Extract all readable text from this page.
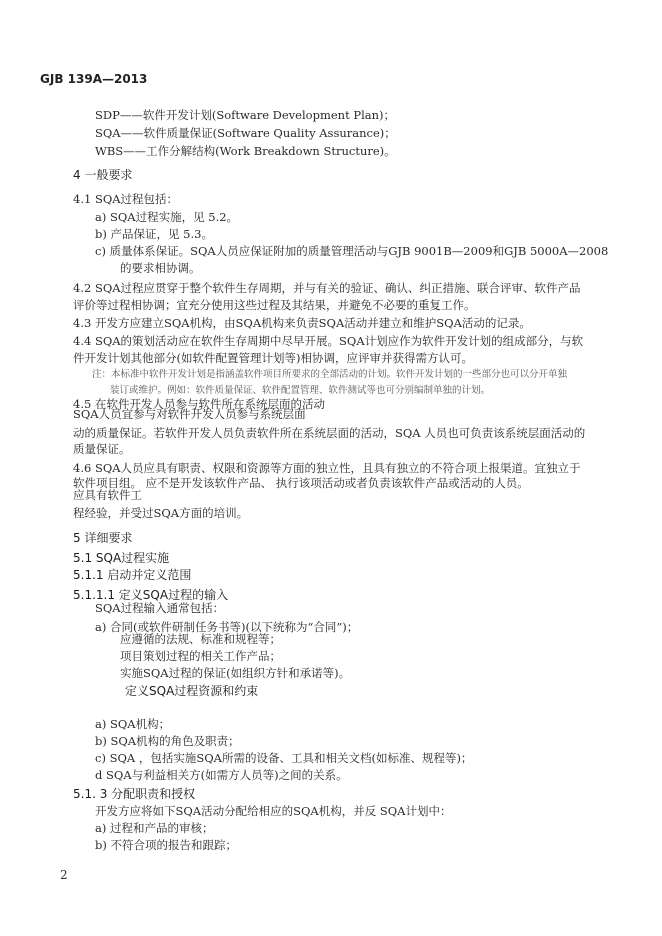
GJB 139A—2013
SDP——软件开发计划(Software Development Plan)；
SQA——软件质量保证(Software Quality Assurance)；
WBS——工作分解结构(Work Breakdown Structure)。
4 一般要求
4.1 SQA过程包括：
a) SQA过程实施，见 5.2。
b) 产品保证，见 5.3。
c) 质量体系保证。SQA人员应保证附加的质量管理活动与GJB 9001B—2009和GJB 5000A—2008
的要求相协调。
4.2 SQA过程应贯穿于整个软件生存周期，并与有关的验证、确认、纠正措施、联合评审、软件产品
评价等过程相协调；宜充分使用这些过程及其结果，并避免不必要的重复工作。
4.3 开发方应建立SQA机构，由SQA机构来负责SQA活动并建立和维护SQA活动的记录。
4.4 SQA的策划活动应在软件生存周期中尽早开展。SQA计划应作为软件开发计划的组成部分，与软
件开发计划其他部分(如软件配置管理计划等)相协调，应评审并获得需方认可。
注：本标准中软件开发计划是指涵盖软件项目所要求的全部活动的计划。软件开发计划的一些部分也可以分开单独
装订或维护。例如：软件质量保证、软件配置管理、软件测试等也可分别编制单独的计划。
4.5 在软件开发人员参与软件所在系统层面的活动
SQA人员宜参与对软件开发人员参与系统层面
动的质量保证。若软件开发人员负责软件所在系统层面的活动，SQA 人员也可负责该系统层面活动的
质量保证。
4.6 SQA人员应具有职责、权限和资源等方面的独立性，且具有独立的不符合项上报渠道。宜独立于
软件项目组。 应不是开发该软件产品、 执行该项活动或者负责该软件产品或活动的人员。
应具有软件工
程经验，并受过SQA方面的培训。
5 详细要求
5.1 SQA过程实施
5.1.1 启动并定义范围
5.1.1.1 定义SQA过程的输入
SQA过程输入通常包括：
a) 合同(或软件研制任务书等)(以下统称为“合同”)；
应遵循的法规、标准和规程等；
项目策划过程的相关工作产品；
实施SQA过程的保证(如组织方针和承诺等)。
定义SQA过程资源和约束
a) SQA机构；
b) SQA机构的角色及职责；
c) SQA ，包括实施SQA所需的设备、工具和相关文档(如标准、规程等)；
d SQA与利益相关方(如需方人员等)之间的关系。
5.1. 3 分配职责和授权
开发方应将如下SQA活动分配给相应的SQA机构，并反 SQA计划中：
a) 过程和产品的审核；
b) 不符合项的报告和跟踪；
2
